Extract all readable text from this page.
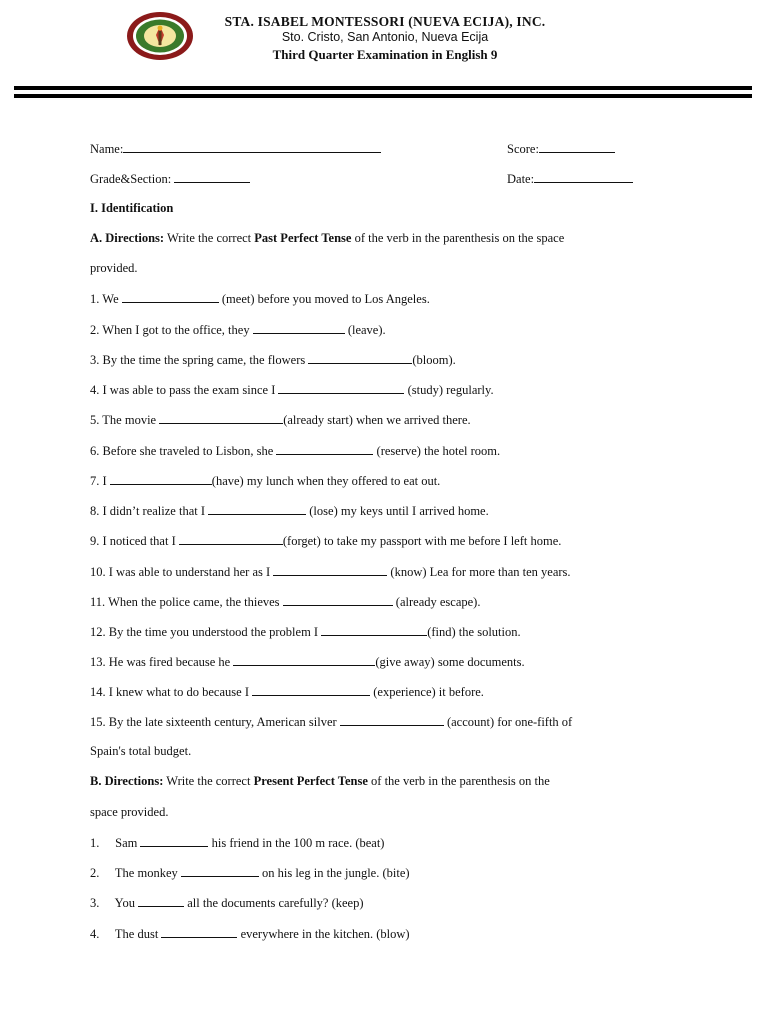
STA. ISABEL MONTESSORI (NUEVA ECIJA), INC.
Sto. Cristo, San Antonio, Nueva Ecija
Third Quarter Examination in English 9
Name:	Score:
Grade&Section:	Date:
I. Identification
A. Directions: Write the correct Past Perfect Tense of the verb in the parenthesis on the space
provided.
1. We	(meet) before you moved to Los Angeles.
2. When I got to the office, they	(leave).
3. By the time the spring came, the flowers	(bloom).
4. I was able to pass the exam since I	(study) regularly.
5. The movie	(already start) when we arrived there.
6. Before she traveled to Lisbon, she	(reserve) the hotel room.
7. I	(have) my lunch when they offered to eat out.
8. I didn’t realize that I	(lose) my keys until I arrived home.
9. I noticed that I	(forget) to take my passport with me before I left home.
10. I was able to understand her as I	(know) Lea for more than ten years.
11. When the police came, the thieves	(already escape).
12. By the time you understood the problem I	(find) the solution.
13. He was fired because he	(give away) some documents.
14. I knew what to do because I	(experience) it before.
15. By the late sixteenth century, American silver	(account) for one-fifth of
Spain's total budget.
B. Directions: Write the correct Present Perfect Tense of the verb in the parenthesis on the
space provided.
1. Sam	his friend in the 100 m race. (beat)
2. The monkey	on his leg in the jungle. (bite)
3. You	all the documents carefully? (keep)
4. The dust	everywhere in the kitchen. (blow)
